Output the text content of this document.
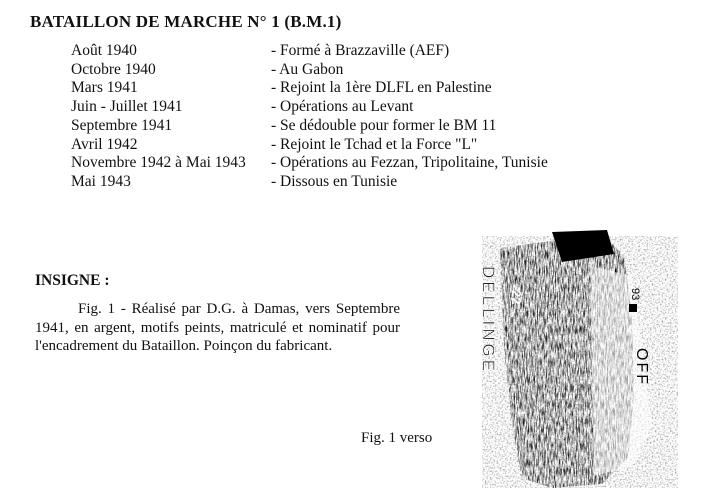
BATAILLON DE MARCHE N° 1 (B.M.1)
Août 1940	- Formé à Brazzaville (AEF)
Octobre 1940	- Au Gabon
Mars 1941	- Rejoint la 1ère DLFL en Palestine
Juin - Juillet 1941	- Opérations au Levant
Septembre 1941	- Se dédouble pour former le BM 11
Avril 1942	- Rejoint le Tchad et la Force "L"
Novembre 1942 à Mai 1943	- Opérations au Fezzan, Tripolitaine, Tunisie
Mai 1943	- Dissous en Tunisie
INSIGNE :
Fig. 1 - Réalisé par D.G. à Damas, vers Septembre 1941, en argent, motifs peints, matriculé et nominatif pour l'encadrement du Bataillon. Poinçon du fabricant.
93
Fig. 1 verso
DELLINGE 22
OFF
